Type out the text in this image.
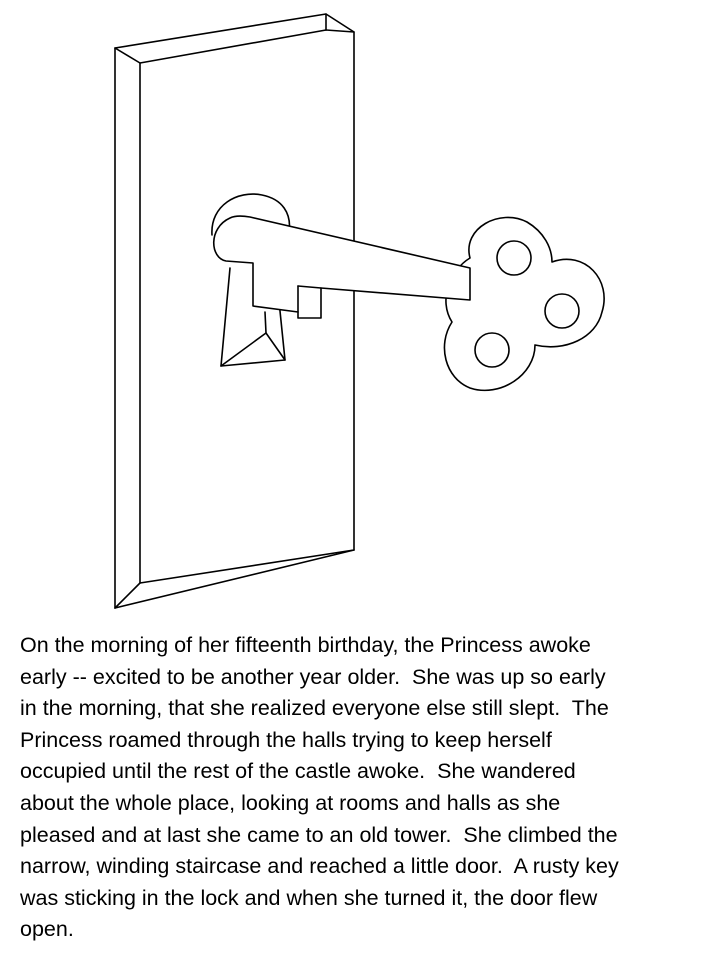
On the morning of her fifteenth birthday, the Princess awoke
early -- excited to be another year older.  She was up so early
in the morning, that she realized everyone else still slept.  The
Princess roamed through the halls trying to keep herself
occupied until the rest of the castle awoke.  She wandered
about the whole place, looking at rooms and halls as she
pleased and at last she came to an old tower.  She climbed the
narrow, winding staircase and reached a little door.  A rusty key
was sticking in the lock and when she turned it, the door flew
open.
